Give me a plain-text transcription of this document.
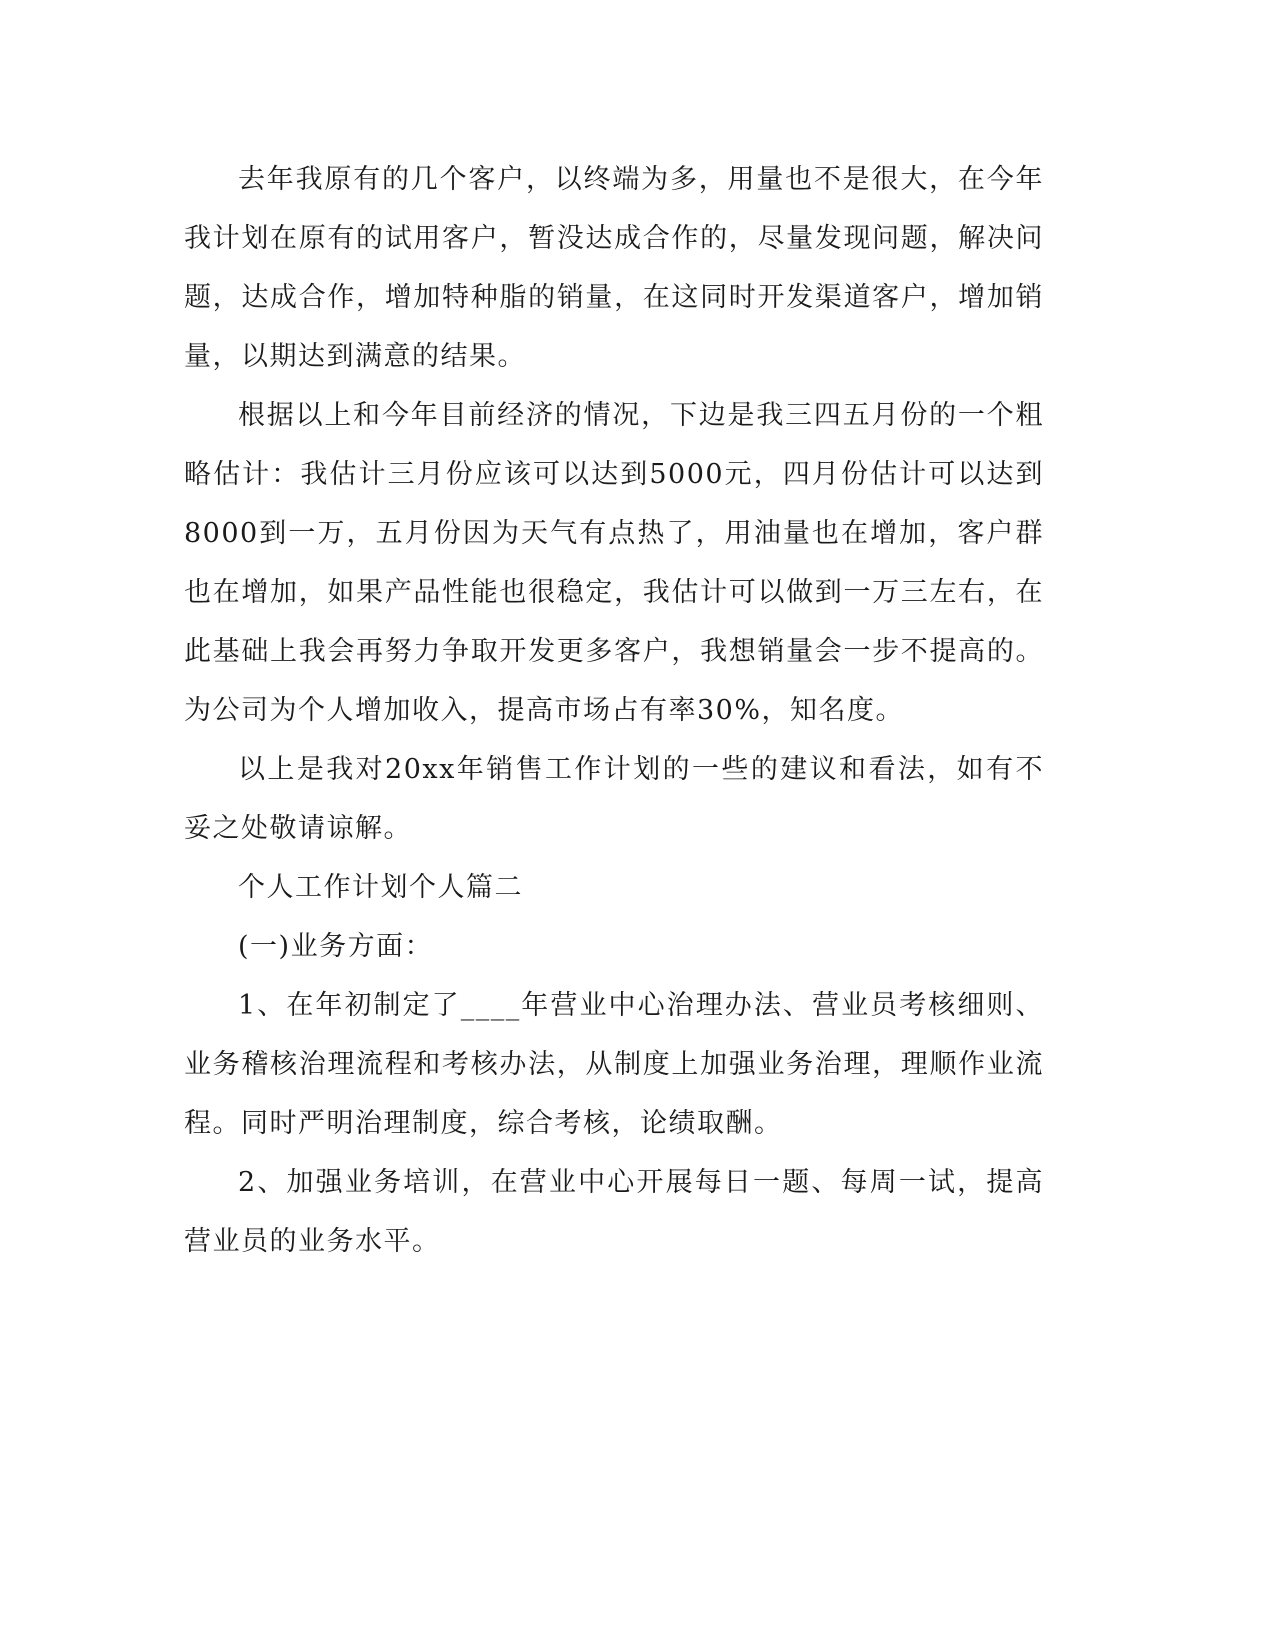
去年我原有的几个客户，以终端为多，用量也不是很大，在今年我计划在原有的试用客户，暂没达成合作的，尽量发现问题，解决问题，达成合作，增加特种脂的销量，在这同时开发渠道客户，增加销量，以期达到满意的结果。

根据以上和今年目前经济的情况，下边是我三四五月份的一个粗略估计：我估计三月份应该可以达到5000元，四月份估计可以达到8000到一万，五月份因为天气有点热了，用油量也在增加，客户群也在增加，如果产品性能也很稳定，我估计可以做到一万三左右，在此基础上我会再努力争取开发更多客户，我想销量会一步不提高的。为公司为个人增加收入，提高市场占有率30%，知名度。

以上是我对20xx年销售工作计划的一些的建议和看法，如有不妥之处敬请谅解。

个人工作计划个人篇二

(一)业务方面：

1、在年初制定了____年营业中心治理办法、营业员考核细则、业务稽核治理流程和考核办法，从制度上加强业务治理，理顺作业流程。同时严明治理制度，综合考核，论绩取酬。

2、加强业务培训，在营业中心开展每日一题、每周一试，提高营业员的业务水平。
